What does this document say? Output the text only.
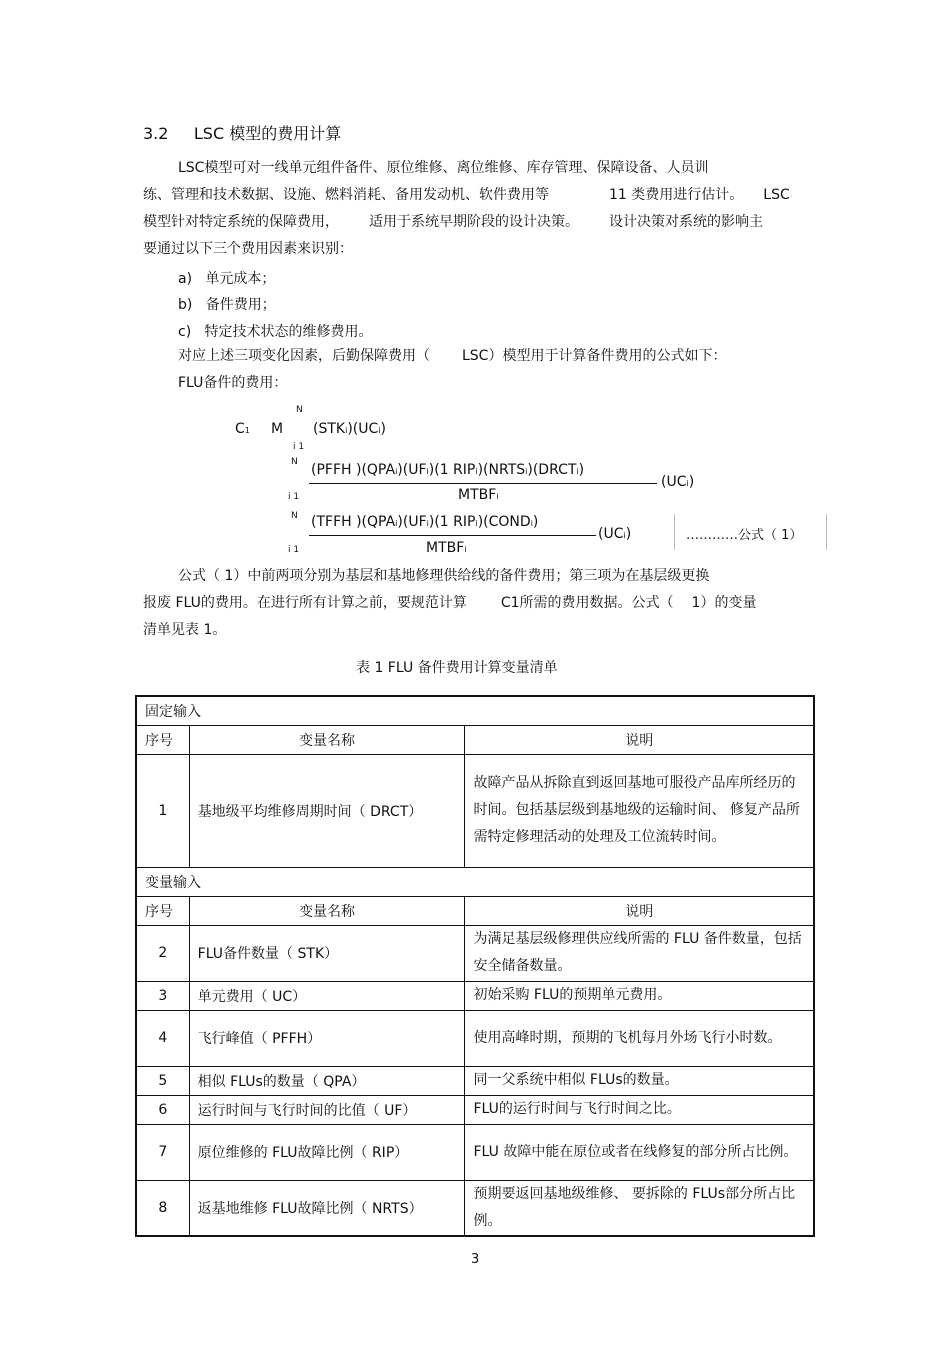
3.2 LSC 模型的费用计算
LSC模型可对一线单元组件备件、原位维修、离位维修、库存管理、保障设备、人员训
练、管理和技术数据、设施、燃料消耗、备用发动机、软件费用等	11 类费用进行估计。 LSC
模型针对特定系统的保障费用， 适用于系统早期阶段的设计决策。 设计决策对系统的影响主
要通过以下三个费用因素来识别：
a) 单元成本；
b) 备件费用；
c) 特定技术状态的维修费用。
对应上述三项变化因素，后勤保障费用（ LSC）模型用于计算备件费用的公式如下：
FLU备件的费用：
N
C1 M (STKi)(UCi)
i 1
N (PFFH )(QPAi)(UFi)(1 RIPi)(NRTSi)(DRCTi)
(UCi)
i 1	MTBFi
N (TFFH )(QPAi)(UFi)(1 RIPi)(CONDi)
(UCi)
i 1	MTBFi
…………公式（ 1）
公式（ 1）中前两项分别为基层和基地修理供给线的备件费用；第三项为在基层级更换
报废 FLU的费用。在进行所有计算之前，要规范计算 C1所需的费用数据。公式（ 1）的变量
清单见表 1。
表 1 FLU 备件费用计算变量清单
固定输入		
序号	变量名称	说明
1	基地级平均维修周期时间（ DRCT）	故障产品从拆除直到返回基地可服役产品库所经历的时间。包括基层级到基地级的运输时间、 修复产品所需特定修理活动的处理及工位流转时间。
变量输入		
序号	变量名称	说明
2	FLU备件数量（ STK）	为满足基层级修理供应线所需的 FLU 备件数量，包括安全储备数量。
3	单元费用（ UC）	初始采购 FLU的预期单元费用。
4	飞行峰值（ PFFH）	使用高峰时期，预期的飞机每月外场飞行小时数。
5	相似 FLUs的数量（ QPA）	同一父系统中相似 FLUs的数量。
6	运行时间与飞行时间的比值（ UF）	FLU的运行时间与飞行时间之比。
7	原位维修的 FLU故障比例（ RIP）	FLU 故障中能在原位或者在线修复的部分所占比例。
8	返基地维修 FLU故障比例（ NRTS）	预期要返回基地级维修、 要拆除的 FLUs部分所占比例。
3
